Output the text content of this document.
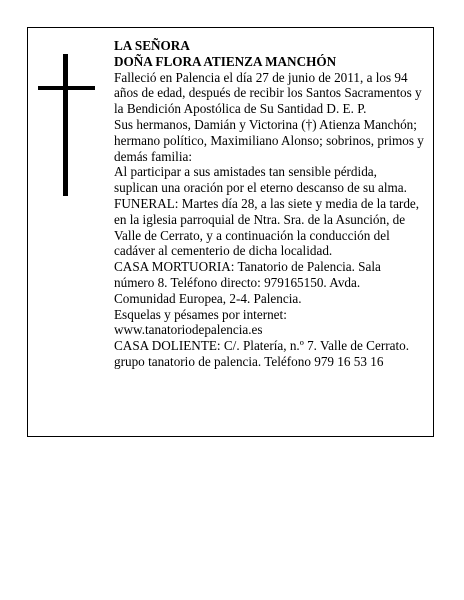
LA SEÑORA

DOÑA FLORA ATIENZA MANCHÓN

Falleció en Palencia el día 27 de junio de 2011, a los 94 años de edad, después de recibir los Santos Sacramentos y la Bendición Apostólica de Su Santidad D. E. P.

Sus hermanos, Damián y Victorina (†) Atienza Manchón; hermano político, Maximiliano Alonso; sobrinos, primos y demás familia:

Al participar a sus amistades tan sensible pérdida, suplican una oración por el eterno descanso de su alma.

FUNERAL: Martes día 28, a las siete y media de la tarde, en la iglesia parroquial de Ntra. Sra. de la Asunción, de Valle de Cerrato, y a continuación la conducción del cadáver al cementerio de dicha localidad.

CASA MORTUORIA: Tanatorio de Palencia. Sala número 8. Teléfono directo: 979165150. Avda. Comunidad Europea, 2-4. Palencia.

Esquelas y pésames por internet:

www.tanatoriodepalencia.es

CASA DOLIENTE: C/. Platería, n.º 7. Valle de Cerrato.

grupo tanatorio de palencia. Teléfono 979 16 53 16
